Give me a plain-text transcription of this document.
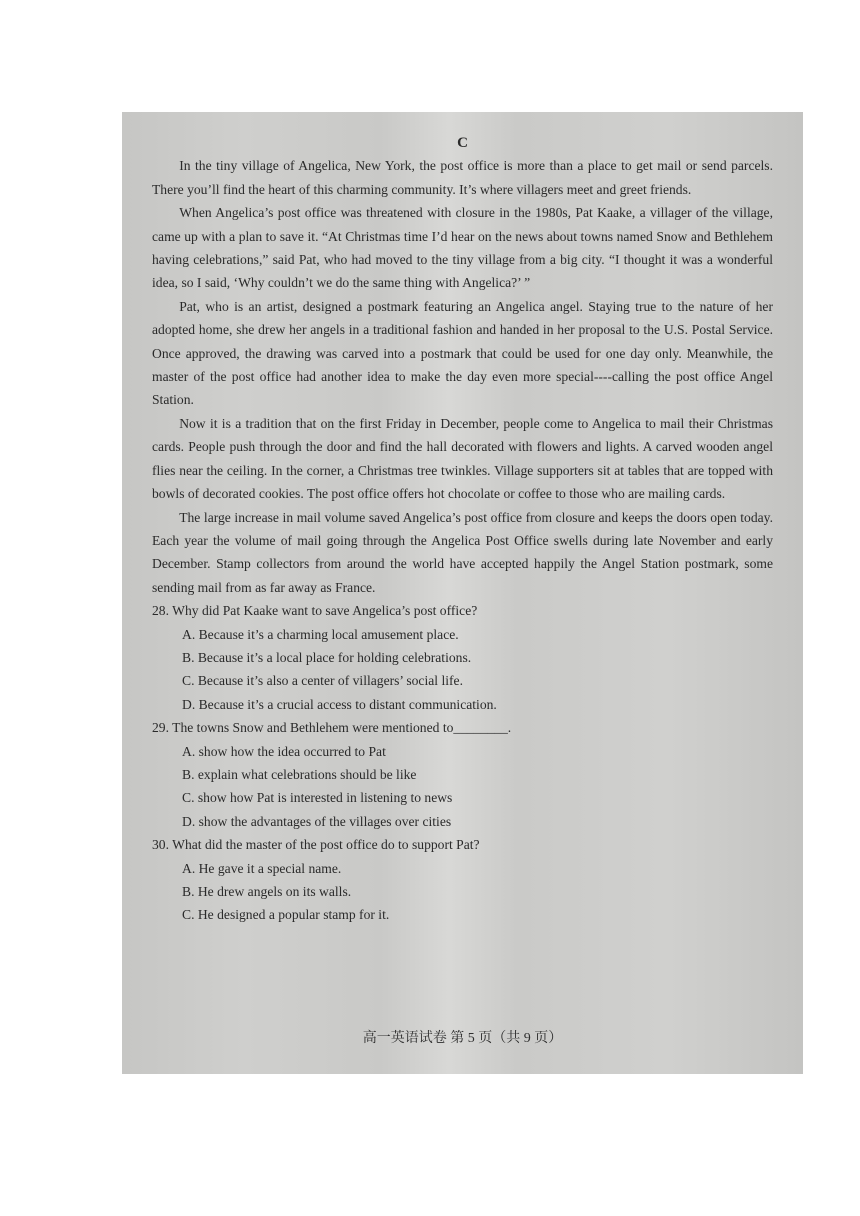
C

In the tiny village of Angelica, New York, the post office is more than a place to get mail or send parcels. There you’ll find the heart of this charming community. It’s where villagers meet and greet friends.

When Angelica’s post office was threatened with closure in the 1980s, Pat Kaake, a villager of the village, came up with a plan to save it. “At Christmas time I’d hear on the news about towns named Snow and Bethlehem having celebrations,” said Pat, who had moved to the tiny village from a big city. “I thought it was a wonderful idea, so I said, ‘Why couldn’t we do the same thing with Angelica?’ ”

Pat, who is an artist, designed a postmark featuring an Angelica angel. Staying true to the nature of her adopted home, she drew her angels in a traditional fashion and handed in her proposal to the U.S. Postal Service. Once approved, the drawing was carved into a postmark that could be used for one day only. Meanwhile, the master of the post office had another idea to make the day even more special----calling the post office Angel Station.

Now it is a tradition that on the first Friday in December, people come to Angelica to mail their Christmas cards. People push through the door and find the hall decorated with flowers and lights. A carved wooden angel flies near the ceiling. In the corner, a Christmas tree twinkles. Village supporters sit at tables that are topped with bowls of decorated cookies. The post office offers hot chocolate or coffee to those who are mailing cards.

The large increase in mail volume saved Angelica’s post office from closure and keeps the doors open today. Each year the volume of mail going through the Angelica Post Office swells during late November and early December. Stamp collectors from around the world have accepted happily the Angel Station postmark, some sending mail from as far away as France.

28. Why did Pat Kaake want to save Angelica’s post office?

A. Because it’s a charming local amusement place.

B. Because it’s a local place for holding celebrations.

C. Because it’s also a center of villagers’ social life.

D. Because it’s a crucial access to distant communication.

29. The towns Snow and Bethlehem were mentioned to________.

A. show how the idea occurred to Pat

B. explain what celebrations should be like

C. show how Pat is interested in listening to news

D. show the advantages of the villages over cities

30. What did the master of the post office do to support Pat?

A. He gave it a special name.

B. He drew angels on its walls.

C. He designed a popular stamp for it.

高一英语试卷 第 5 页（共 9 页）
